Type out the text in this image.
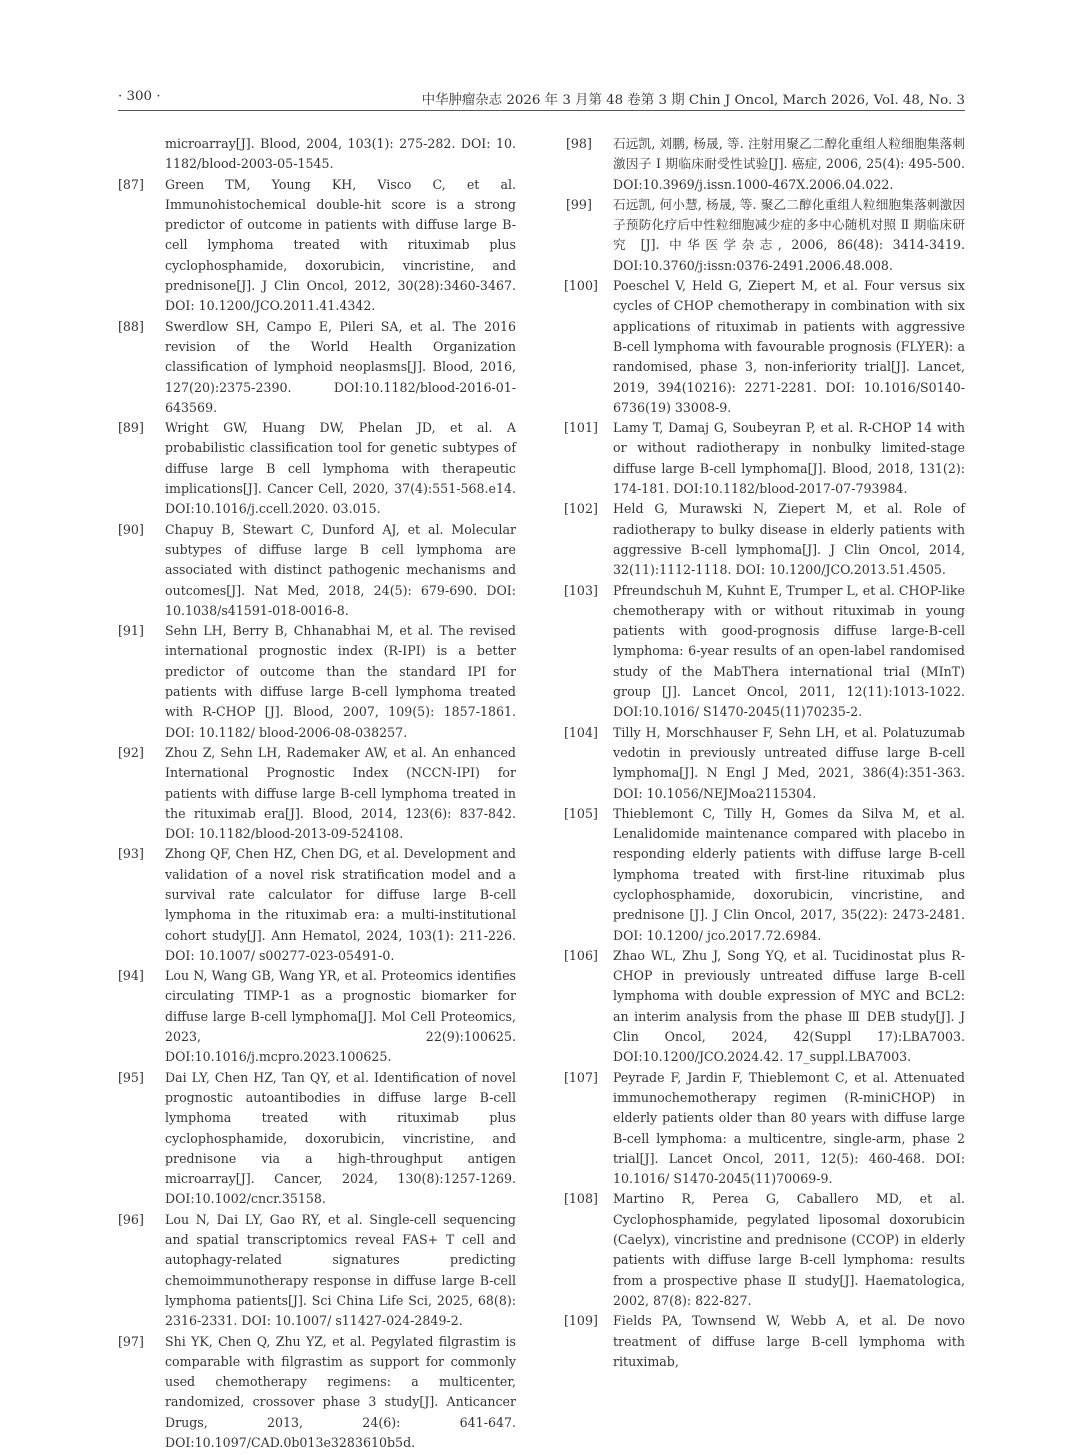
· 300 ·	中华肿瘤杂志 2026 年 3 月第 48 卷第 3 期 Chin J Oncol, March 2026, Vol. 48, No. 3
microarray[J]. Blood, 2004, 103(1): 275-282. DOI: 10. 1182/blood-2003-05-1545.
[87]	Green TM, Young KH, Visco C, et al. Immunohistochemical double-hit score is a strong predictor of outcome in patients with diffuse large B-cell lymphoma treated with rituximab plus cyclophosphamide, doxorubicin, vincristine, and prednisone[J]. J Clin Oncol, 2012, 30(28):3460-3467. DOI: 10.1200/JCO.2011.41.4342.
[88]	Swerdlow SH, Campo E, Pileri SA, et al. The 2016 revision of the World Health Organization classification of lymphoid neoplasms[J]. Blood, 2016, 127(20):2375-2390. DOI:10.1182/blood-2016-01-643569.
[89]	Wright GW, Huang DW, Phelan JD, et al. A probabilistic classification tool for genetic subtypes of diffuse large B cell lymphoma with therapeutic implications[J]. Cancer Cell, 2020, 37(4):551-568.e14. DOI:10.1016/j.ccell.2020. 03.015.
[90]	Chapuy B, Stewart C, Dunford AJ, et al. Molecular subtypes of diffuse large B cell lymphoma are associated with distinct pathogenic mechanisms and outcomes[J]. Nat Med, 2018, 24(5): 679-690. DOI: 10.1038/s41591-018-0016-8.
[91]	Sehn LH, Berry B, Chhanabhai M, et al. The revised international prognostic index (R-IPI) is a better predictor of outcome than the standard IPI for patients with diffuse large B-cell lymphoma treated with R-CHOP [J]. Blood, 2007, 109(5): 1857-1861. DOI: 10.1182/ blood-2006-08-038257.
[92]	Zhou Z, Sehn LH, Rademaker AW, et al. An enhanced International Prognostic Index (NCCN-IPI) for patients with diffuse large B-cell lymphoma treated in the rituximab era[J]. Blood, 2014, 123(6): 837-842. DOI: 10.1182/blood-2013-09-524108.
[93]	Zhong QF, Chen HZ, Chen DG, et al. Development and validation of a novel risk stratification model and a survival rate calculator for diffuse large B-cell lymphoma in the rituximab era: a multi-institutional cohort study[J]. Ann Hematol, 2024, 103(1): 211-226. DOI: 10.1007/ s00277-023-05491-0.
[94]	Lou N, Wang GB, Wang YR, et al. Proteomics identifies circulating TIMP-1 as a prognostic biomarker for diffuse large B-cell lymphoma[J]. Mol Cell Proteomics, 2023, 22(9):100625. DOI:10.1016/j.mcpro.2023.100625.
[95]	Dai LY, Chen HZ, Tan QY, et al. Identification of novel prognostic autoantibodies in diffuse large B-cell lymphoma treated with rituximab plus cyclophosphamide, doxorubicin, vincristine, and prednisone via a high-throughput antigen microarray[J]. Cancer, 2024, 130(8):1257-1269. DOI:10.1002/cncr.35158.
[96]	Lou N, Dai LY, Gao RY, et al. Single-cell sequencing and spatial transcriptomics reveal FAS+ T cell and autophagy-related signatures predicting chemoimmunotherapy response in diffuse large B-cell lymphoma patients[J]. Sci China Life Sci, 2025, 68(8): 2316-2331. DOI: 10.1007/ s11427-024-2849-2.
[97]	Shi YK, Chen Q, Zhu YZ, et al. Pegylated filgrastim is comparable with filgrastim as support for commonly used chemotherapy regimens: a multicenter, randomized, crossover phase 3 study[J]. Anticancer Drugs, 2013, 24(6): 641-647. DOI:10.1097/CAD.0b013e3283610b5d.
[98]	石远凯, 刘鹏, 杨晟, 等. 注射用聚乙二醇化重组人粒细胞集落刺激因子 Ⅰ 期临床耐受性试验[J]. 癌症, 2006, 25(4): 495-500. DOI:10.3969/j.issn.1000-467X.2006.04.022.
[99]	石远凯, 何小慧, 杨晟, 等. 聚乙二醇化重组人粒细胞集落刺激因子预防化疗后中性粒细胞减少症的多中心随机对照 Ⅱ 期临床研究 [J]. 中华医学杂志, 2006, 86(48): 3414-3419. DOI:10.3760/j:issn:0376-2491.2006.48.008.
[100]	Poeschel V, Held G, Ziepert M, et al. Four versus six cycles of CHOP chemotherapy in combination with six applications of rituximab in patients with aggressive B-cell lymphoma with favourable prognosis (FLYER): a randomised, phase 3, non-inferiority trial[J]. Lancet, 2019, 394(10216): 2271-2281. DOI: 10.1016/S0140-6736(19) 33008-9.
[101]	Lamy T, Damaj G, Soubeyran P, et al. R-CHOP 14 with or without radiotherapy in nonbulky limited-stage diffuse large B-cell lymphoma[J]. Blood, 2018, 131(2): 174-181. DOI:10.1182/blood-2017-07-793984.
[102]	Held G, Murawski N, Ziepert M, et al. Role of radiotherapy to bulky disease in elderly patients with aggressive B-cell lymphoma[J]. J Clin Oncol, 2014, 32(11):1112-1118. DOI: 10.1200/JCO.2013.51.4505.
[103]	Pfreundschuh M, Kuhnt E, Trumper L, et al. CHOP-like chemotherapy with or without rituximab in young patients with good-prognosis diffuse large-B-cell lymphoma: 6-year results of an open-label randomised study of the MabThera international trial (MInT) group [J]. Lancet Oncol, 2011, 12(11):1013-1022. DOI:10.1016/ S1470-2045(11)70235-2.
[104]	Tilly H, Morschhauser F, Sehn LH, et al. Polatuzumab vedotin in previously untreated diffuse large B-cell lymphoma[J]. N Engl J Med, 2021, 386(4):351-363. DOI: 10.1056/NEJMoa2115304.
[105]	Thieblemont C, Tilly H, Gomes da Silva M, et al. Lenalidomide maintenance compared with placebo in responding elderly patients with diffuse large B-cell lymphoma treated with first-line rituximab plus cyclophosphamide, doxorubicin, vincristine, and prednisone [J]. J Clin Oncol, 2017, 35(22): 2473-2481. DOI: 10.1200/ jco.2017.72.6984.
[106]	Zhao WL, Zhu J, Song YQ, et al. Tucidinostat plus R-CHOP in previously untreated diffuse large B-cell lymphoma with double expression of MYC and BCL2: an interim analysis from the phase Ⅲ DEB study[J]. J Clin Oncol, 2024, 42(Suppl 17):LBA7003. DOI:10.1200/JCO.2024.42. 17_suppl.LBA7003.
[107]	Peyrade F, Jardin F, Thieblemont C, et al. Attenuated immunochemotherapy regimen (R-miniCHOP) in elderly patients older than 80 years with diffuse large B-cell lymphoma: a multicentre, single-arm, phase 2 trial[J]. Lancet Oncol, 2011, 12(5): 460-468. DOI: 10.1016/ S1470-2045(11)70069-9.
[108]	Martino R, Perea G, Caballero MD, et al. Cyclophosphamide, pegylated liposomal doxorubicin (Caelyx), vincristine and prednisone (CCOP) in elderly patients with diffuse large B-cell lymphoma: results from a prospective phase Ⅱ study[J]. Haematologica, 2002, 87(8): 822-827.
[109]	Fields PA, Townsend W, Webb A, et al. De novo treatment of diffuse large B-cell lymphoma with rituximab,
